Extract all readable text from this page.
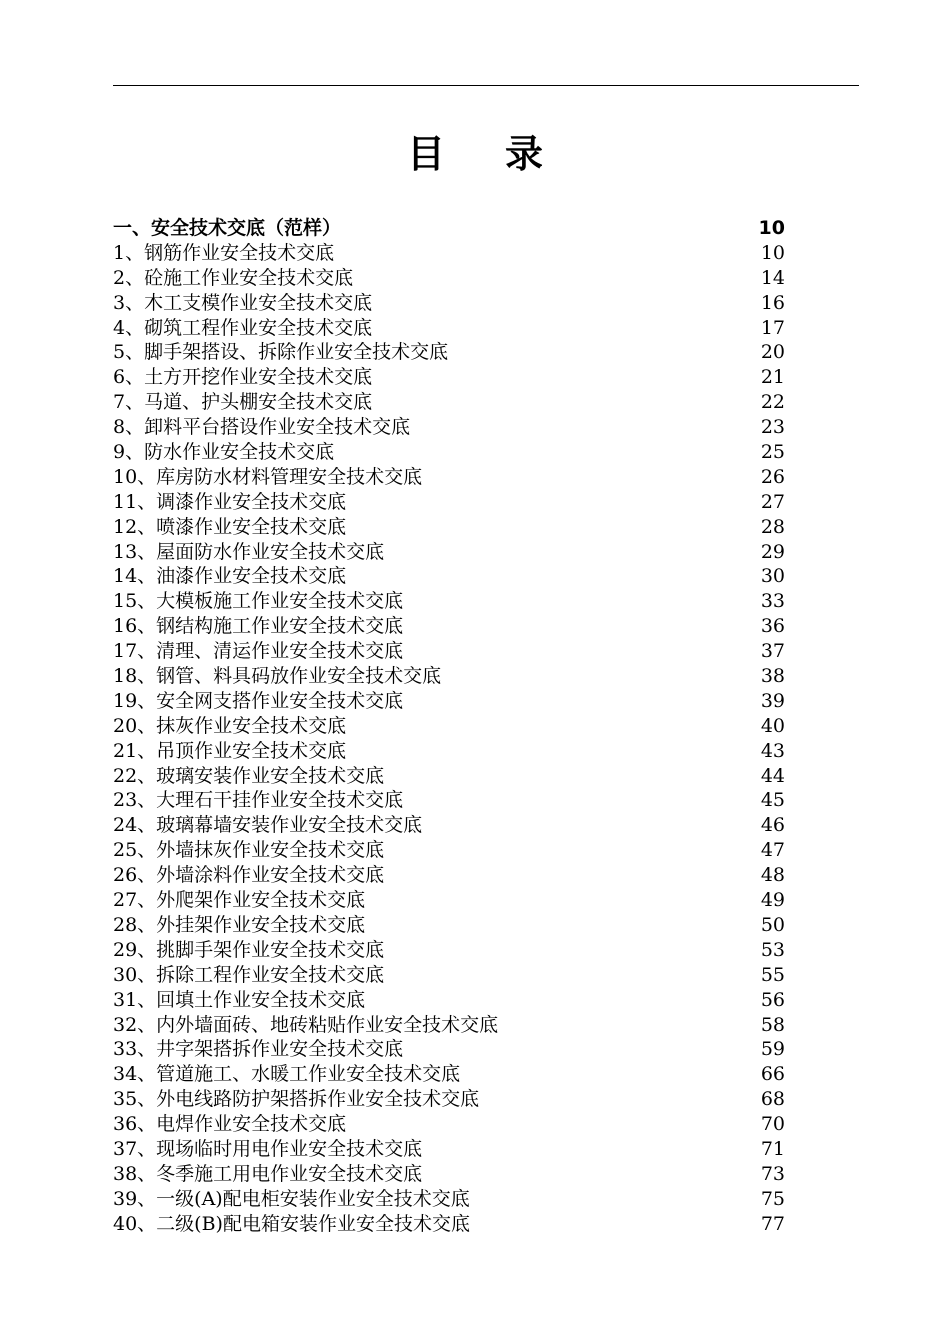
目 录
一、安全技术交底（范样）	10
1、钢筋作业安全技术交底	10
2、砼施工作业安全技术交底	14
3、木工支模作业安全技术交底	16
4、砌筑工程作业安全技术交底	17
5、脚手架搭设、拆除作业安全技术交底	20
6、土方开挖作业安全技术交底	21
7、马道、护头棚安全技术交底	22
8、卸料平台搭设作业安全技术交底	23
9、防水作业安全技术交底	25
10、库房防水材料管理安全技术交底	26
11、调漆作业安全技术交底	27
12、喷漆作业安全技术交底	28
13、屋面防水作业安全技术交底	29
14、油漆作业安全技术交底	30
15、大模板施工作业安全技术交底	33
16、钢结构施工作业安全技术交底	36
17、清理、清运作业安全技术交底	37
18、钢管、料具码放作业安全技术交底	38
19、安全网支搭作业安全技术交底	39
20、抹灰作业安全技术交底	40
21、吊顶作业安全技术交底	43
22、玻璃安装作业安全技术交底	44
23、大理石干挂作业安全技术交底	45
24、玻璃幕墙安装作业安全技术交底	46
25、外墙抹灰作业安全技术交底	47
26、外墙涂料作业安全技术交底	48
27、外爬架作业安全技术交底	49
28、外挂架作业安全技术交底	50
29、挑脚手架作业安全技术交底	53
30、拆除工程作业安全技术交底	55
31、回填土作业安全技术交底	56
32、内外墙面砖、地砖粘贴作业安全技术交底	58
33、井字架搭拆作业安全技术交底	59
34、管道施工、水暖工作业安全技术交底	66
35、外电线路防护架搭拆作业安全技术交底	68
36、电焊作业安全技术交底	70
37、现场临时用电作业安全技术交底	71
38、冬季施工用电作业安全技术交底	73
39、一级(A)配电柜安装作业安全技术交底	75
40、二级(B)配电箱安装作业安全技术交底	77
